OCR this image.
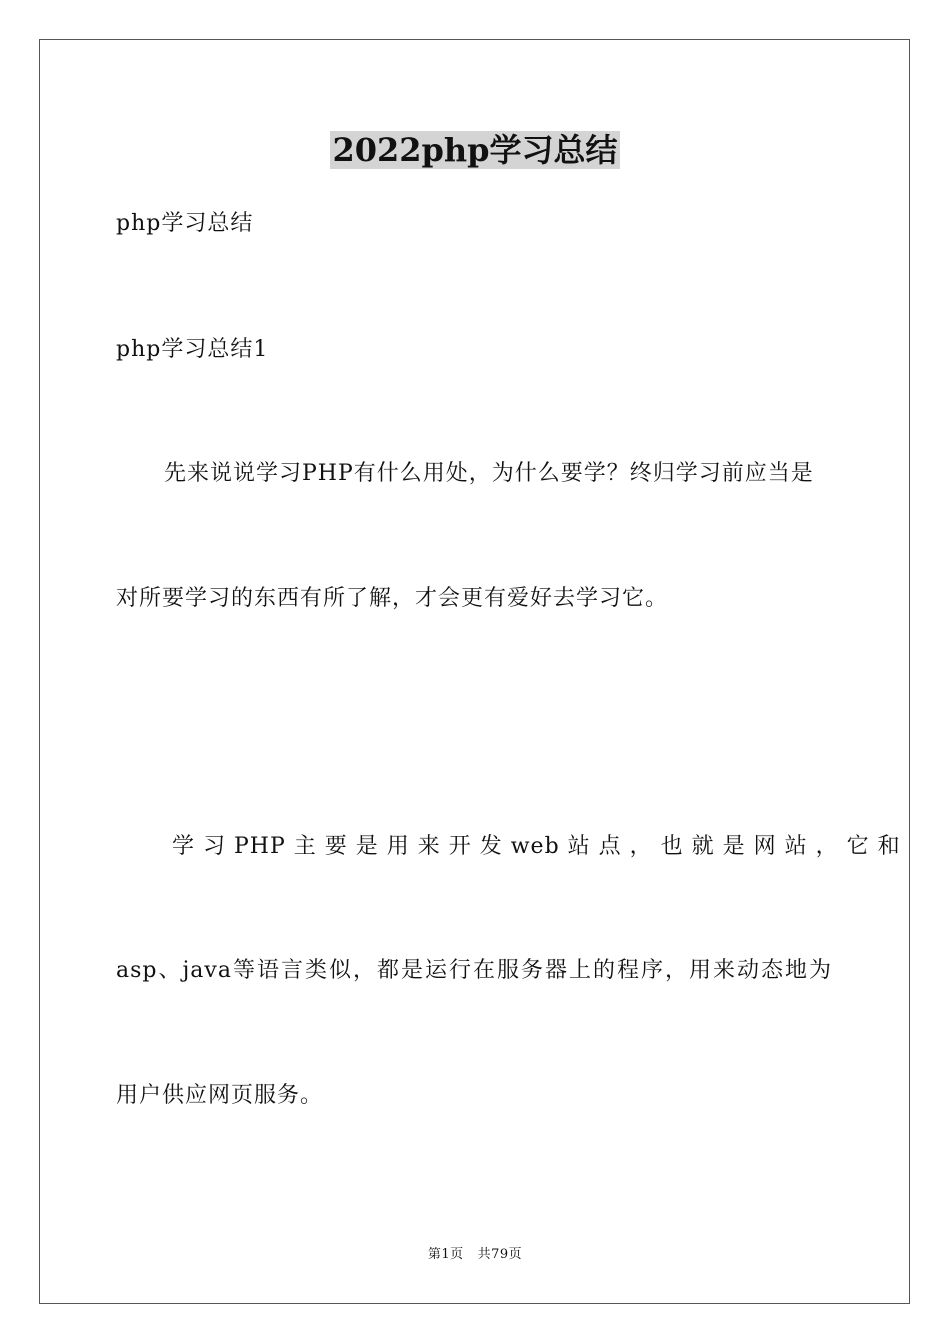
2022php学习总结
php学习总结
php学习总结1
先来说说学习PHP有什么用处，为什么要学？终归学习前应当是
对所要学习的东西有所了解，才会更有爱好去学习它。
学 习 PHP 主 要 是 用 来 开 发 web 站 点 ， 也 就 是 网 站 ， 它 和
asp、java等语言类似，都是运行在服务器上的程序，用来动态地为
用户供应网页服务。
第1页 共79页
